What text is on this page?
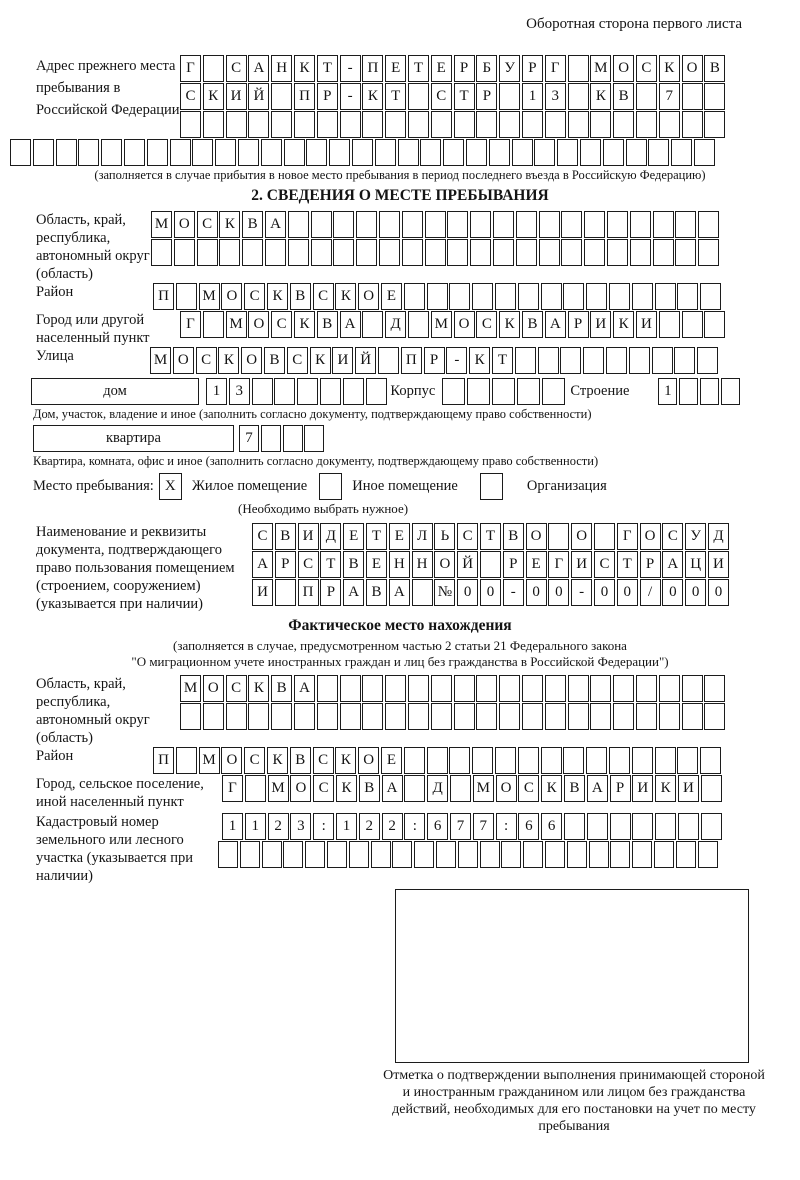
Оборотная сторона первого листа
Адрес прежнего места пребывания в Российской Федерации
Г	С А Н К Т	- П Е Т Е Р Б У Р Г	М О С К О В
С К И Й	П Р	-	К Т	С Т Р	1	3	К В	7
(заполняется в случае прибытия в новое место пребывания в период последнего въезда в Российскую Федерацию)
2. СВЕДЕНИЯ О МЕСТЕ ПРЕБЫВАНИЯ
Область, край, республика, автономный округ (область)
М О С К В А
Район	П	М О С К В С К О Е
Город или другой населенный пункт
Г	М О С К В А	Д	М О С К В А Р И К И
Улица	М О С К О В С К И Й	П Р	-	К Т
дом	1	3	Корпус	Строение	1
Дом, участок, владение и иное (заполнить согласно документу, подтверждающему право собственности)
квартира	7
Квартира, комната, офис и иное (заполнить согласно документу, подтверждающему право собственности)
Место пребывания: X	Жилое помещение	Иное помещение	Организация
(Необходимо выбрать нужное)
Наименование и реквизиты документа, подтверждающего право пользования помещением (строением, сооружением) (указывается при наличии)
С В И Д Е Т Е Л Ь С Т В О	О	Г О С У Д
А Р С Т В Е Н Н О Й	Р Е Г И С Т Р А Ц И
И	П Р А В А	№ 0	0	-	0	0	-	0	0	/	0	0	0
Фактическое место нахождения
(заполняется в случае, предусмотренном частью 2 статьи 21 Федерального закона
"О миграционном учете иностранных граждан и лиц без гражданства в Российской Федерации")
Область, край, республика, автономный округ (область)
М О С К В А
Район	П	М О С К В С К О Е
Город, сельское поселение, иной населенный пункт
Г	М О С К В А	Д	М О С К В А Р И К И
Кадастровый номер земельного или лесного участка (указывается при наличии)
1	1	2	3	:	1	2	2	:	6	7	7	:	6	6
Отметка о подтверждении выполнения принимающей стороной и иностранным гражданином или лицом без гражданства действий, необходимых для его постановки на учет по месту пребывания
